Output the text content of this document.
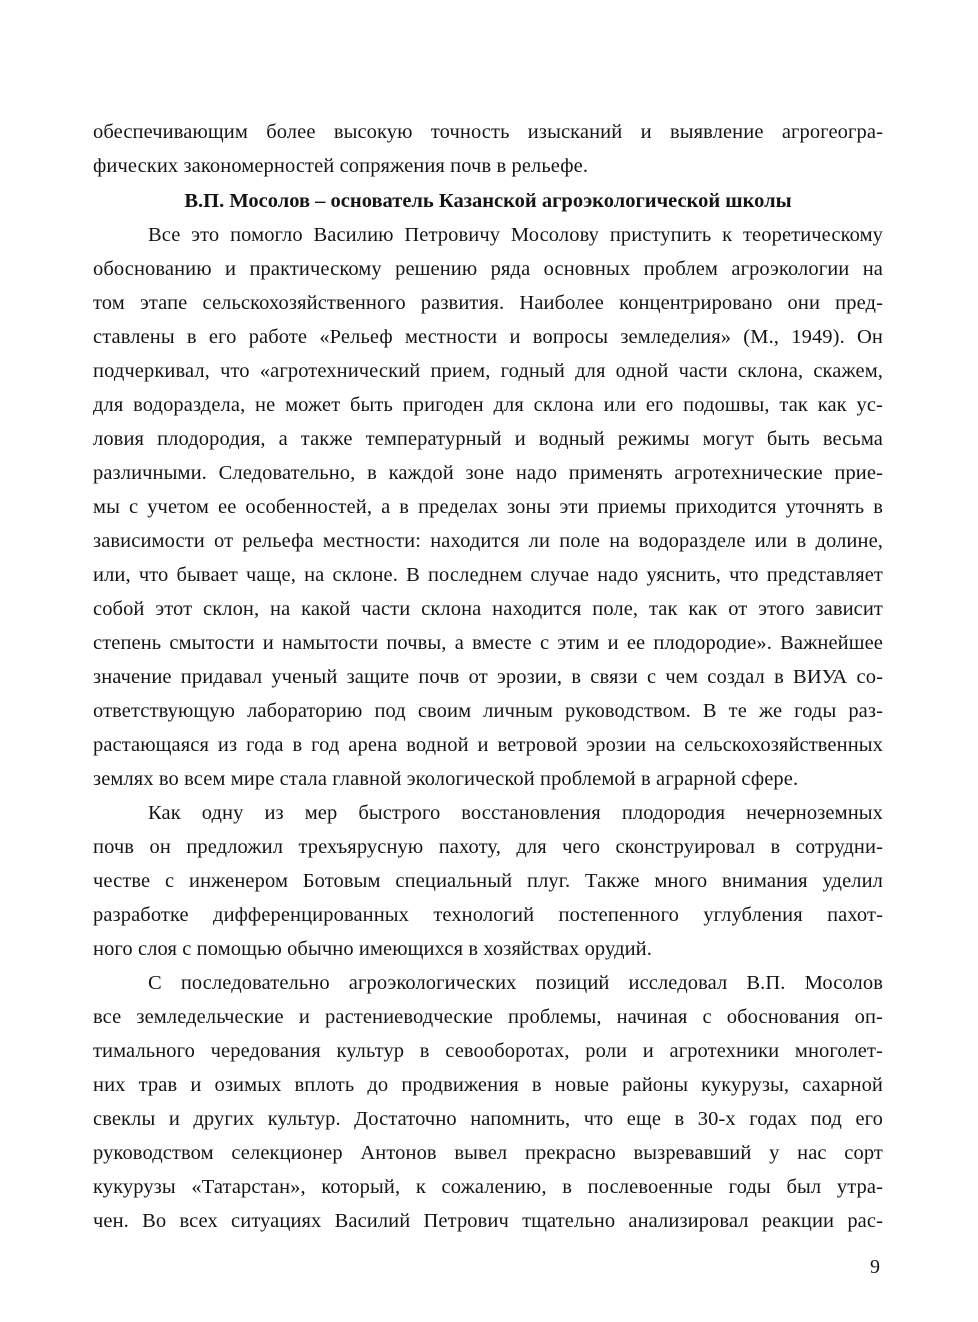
обеспечивающим более высокую точность изысканий и выявление агрогеогра-
фических закономерностей сопряжения почв в рельефе.
В.П. Мосолов – основатель Казанской агроэкологической школы
Все это помогло Василию Петровичу Мосолову приступить к теоретическому
обоснованию и практическому решению ряда основных проблем агроэкологии на
том этапе сельскохозяйственного развития. Наиболее концентрировано они пред-
ставлены в его работе «Рельеф местности и вопросы земледелия» (М., 1949). Он
подчеркивал, что «агротехнический прием, годный для одной части склона, скажем,
для водораздела, не может быть пригоден для склона или его подошвы, так как ус-
ловия плодородия, а также температурный и водный режимы могут быть весьма
различными. Следовательно, в каждой зоне надо применять агротехнические прие-
мы с учетом ее особенностей, а в пределах зоны эти приемы приходится уточнять в
зависимости от рельефа местности: находится ли поле на водоразделе или в долине,
или, что бывает чаще, на склоне. В последнем случае надо уяснить, что представляет
собой этот склон, на какой части склона находится поле, так как от этого зависит
степень смытости и намытости почвы, а вместе с этим и ее плодородие». Важнейшее
значение придавал ученый защите почв от эрозии, в связи с чем создал в ВИУА со-
ответствующую лабораторию под своим личным руководством. В те же годы раз-
растающаяся из года в год арена водной и ветровой эрозии на сельскохозяйственных
землях во всем мире стала главной экологической проблемой в аграрной сфере.
Как одну из мер быстрого восстановления плодородия нечерноземных
почв он предложил трехъярусную пахоту, для чего сконструировал в сотрудни-
честве с инженером Ботовым специальный плуг. Также много внимания уделил
разработке дифференцированных технологий постепенного углубления пахот-
ного слоя с помощью обычно имеющихся в хозяйствах орудий.
С последовательно агроэкологических позиций исследовал В.П. Мосолов
все земледельческие и растениеводческие проблемы, начиная с обоснования оп-
тимального чередования культур в севооборотах, роли и агротехники многолет-
них трав и озимых вплоть до продвижения в новые районы кукурузы, сахарной
свеклы и других культур. Достаточно напомнить, что еще в 30-х годах под его
руководством селекционер Антонов вывел прекрасно вызревавший у нас сорт
кукурузы «Татарстан», который, к сожалению, в послевоенные годы был утра-
чен. Во всех ситуациях Василий Петрович тщательно анализировал реакции рас-
9
